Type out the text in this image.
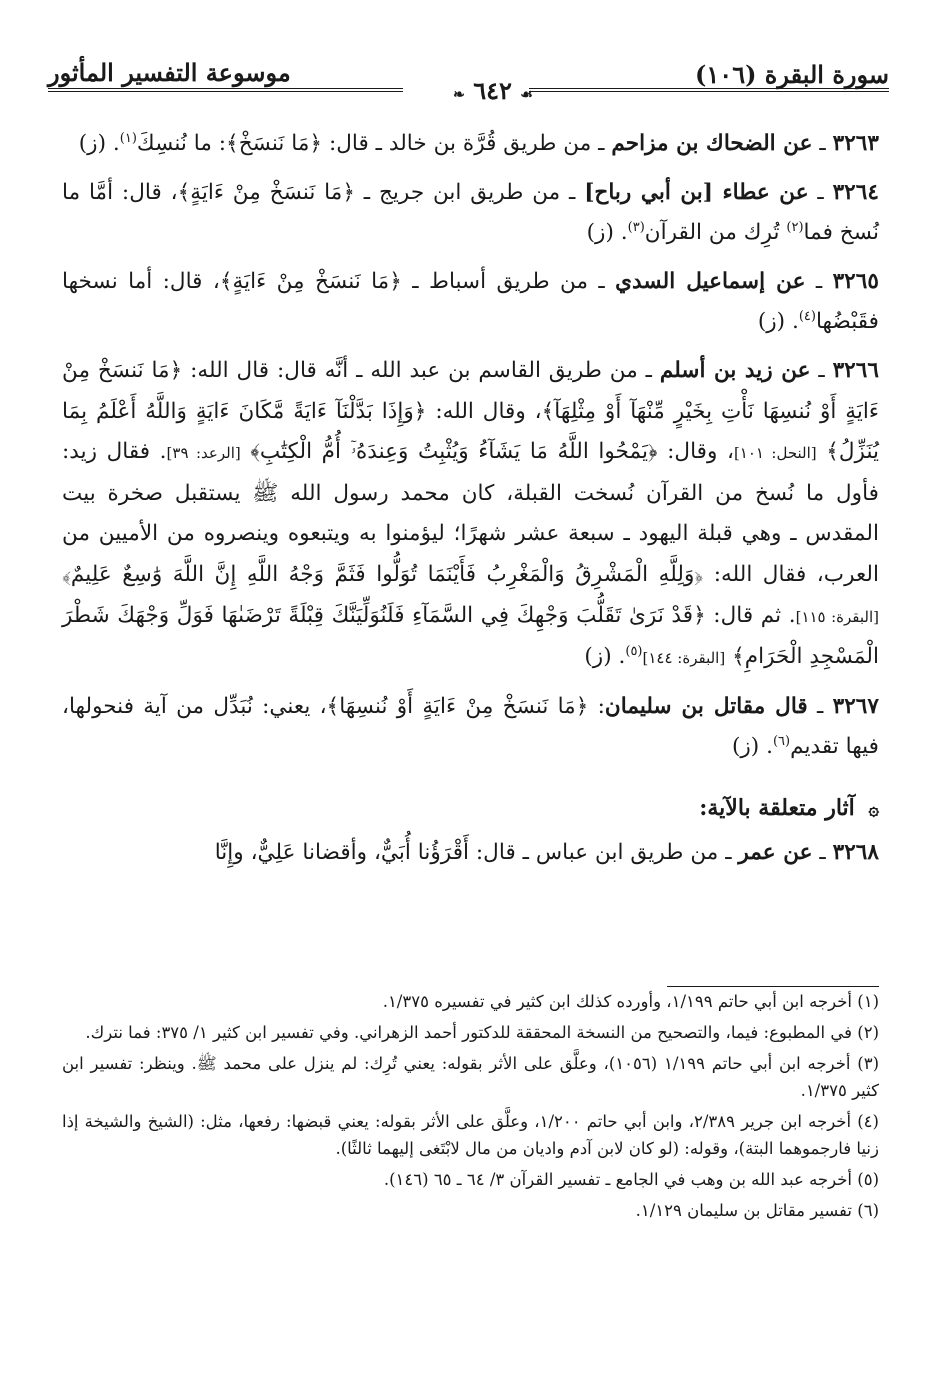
سورة البقرة (١٠٦)
☙ ٦٤٢ ❧
موسوعة التفسير المأثور

٣٢٦٣ ـ عن الضحاك بن مزاحم ـ من طريق قُرَّة بن خالد ـ قال: ﴿مَا نَنسَخْ﴾: ما نُنسِكَ$^{(١)}$. (ز)

٣٢٦٤ ـ عن عطاء [بن أبي رباح] ـ من طريق ابن جريج ـ ﴿مَا نَنسَخْ مِنْ ءَايَةٍ﴾، قال: أمَّا ما نُسخ فما$^{(٢)}$ تُرِك من القرآن$^{(٣)}$. (ز)

٣٢٦٥ ـ عن إسماعيل السدي ـ من طريق أسباط ـ ﴿مَا نَنسَخْ مِنْ ءَايَةٍ﴾، قال: أما نسخها فقَبْضُها$^{(٤)}$. (ز)

٣٢٦٦ ـ عن زيد بن أسلم ـ من طريق القاسم بن عبد الله ـ أنَّه قال: قال الله: ﴿مَا نَنسَخْ مِنْ ءَايَةٍ أَوْ نُنسِهَا نَأْتِ بِخَيْرٍ مِّنْهَآ أَوْ مِثْلِهَآ﴾، وقال الله: ﴿وَإِذَا بَدَّلْنَآ ءَايَةً مَّكَانَ ءَايَةٍ وَاللَّهُ أَعْلَمُ بِمَا يُنَزِّلُ﴾ [النحل: ١٠١]، وقال: ﴿يَمْحُوا اللَّهُ مَا يَشَآءُ وَيُثْبِتُ وَعِندَهُۥٓ أُمُّ الْكِتَٰبِ﴾ [الرعد: ٣٩]. فقال زيد: فأول ما نُسخ من القرآن نُسخت القبلة، كان محمد رسول الله ﷺ يستقبل صخرة بيت المقدس ـ وهي قبلة اليهود ـ سبعة عشر شهرًا؛ ليؤمنوا به ويتبعوه وينصروه من الأميين من العرب، فقال الله: ﴿وَلِلَّهِ الْمَشْرِقُ وَالْمَغْرِبُ فَأَيْنَمَا تُوَلُّوا فَثَمَّ وَجْهُ اللَّهِ إِنَّ اللَّهَ وَٰسِعٌ عَلِيمٌ﴾ [البقرة: ١١٥]. ثم قال: ﴿قَدْ نَرَىٰ تَقَلُّبَ وَجْهِكَ فِي السَّمَآءِ فَلَنُوَلِّيَنَّكَ قِبْلَةً تَرْضَىٰهَا فَوَلِّ وَجْهَكَ شَطْرَ الْمَسْجِدِ الْحَرَامِ﴾ [البقرة: ١٤٤]$^{(٥)}$. (ز)

٣٢٦٧ ـ قال مقاتل بن سليمان: ﴿مَا نَنسَخْ مِنْ ءَايَةٍ أَوْ نُنسِهَا﴾، يعني: نُبَدِّل من آية فنحولها، فيها تقديم$^{(٦)}$. (ز)

۞ آثار متعلقة بالآية:

٣٢٦٨ ـ عن عمر ـ من طريق ابن عباس ـ قال: أَقْرَؤُنا أُبَيٌّ، وأقضانا عَلِيٌّ، وإِنَّا

(١) أخرجه ابن أبي حاتم ١/١٩٩، وأورده كذلك ابن كثير في تفسيره ١/٣٧٥.

(٢) في المطبوع: فيما، والتصحيح من النسخة المحققة للدكتور أحمد الزهراني. وفي تفسير ابن كثير ١/ ٣٧٥: فما نترك.

(٣) أخرجه ابن أبي حاتم ١/١٩٩ (١٠٥٦)، وعلَّق على الأثر بقوله: يعني تُرِك: لم ينزل على محمد ﷺ. وينظر: تفسير ابن كثير ١/٣٧٥.

(٤) أخرجه ابن جرير ٢/٣٨٩، وابن أبي حاتم ١/٢٠٠، وعلَّق على الأثر بقوله: يعني قبضها: رفعها، مثل: (الشيخ والشيخة إذا زنيا فارجموهما البتة)، وقوله: (لو كان لابن آدم واديان من مال لابْتَغى إليهما ثالثًا).

(٥) أخرجه عبد الله بن وهب في الجامع ـ تفسير القرآن ٣/ ٦٤ ـ ٦٥ (١٤٦).

(٦) تفسير مقاتل بن سليمان ١/١٢٩.
